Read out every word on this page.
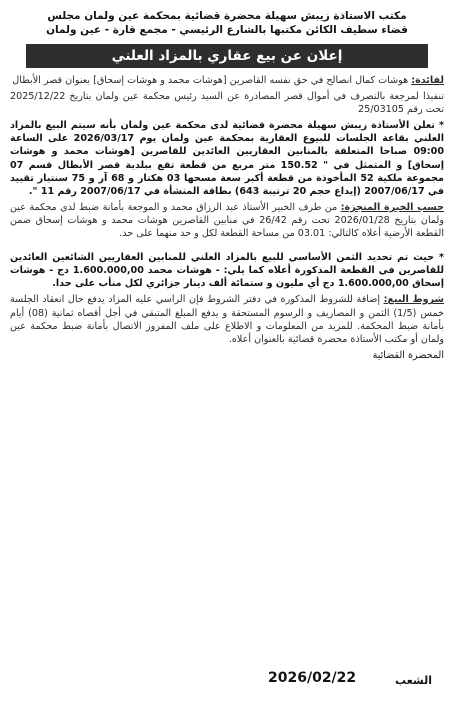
مكتب الاستاذة زيبش سهيلة محضرة قضائية بمحكمة عين ولمان مجلس
قضاء سطيف الكائن مكتبها بالشارع الرئيسي - مجمع قارة - عين ولمان
إعلان عن بيع عقاري بالمزاد العلني

لفائدة: هوشات كمال انصالح في حق نفسه القاصرين [هوشات محمد و هوشات إسحاق] بعنوان قصر الأبطال

تنفيذا لمرجعة بالتصرف في أموال قصر المصادرة عن السيد رئيس محكمة عين ولمان بتاريخ 2025/12/22 تحت رقم 25/03105

* تعلن الأستاذة زيبش سهيلة محضرة قضائية لدى محكمة عين ولمان بأنه سيتم البيع بالمزاد العلني بقاعة الجلسات للبيوع العقارية بمحكمة عين ولمان يوم 2026/03/17 على الساعة 09:00 صباحا المتعلقة بالمنابين العقاريين العائدين للقاصرين [هوشات محمد و هوشات إسحاق] و المتمثل في " 150.52 متر مربع من قطعة تقع ببلدية قصر الأبطال قسم 07 مجموعة ملكية 52 المأخوذة من قطعة أكبر سعة مسحها 03 هكتار و 68 آر و 75 سنتيار تقييد في 2007/06/17 (إيداع حجم 20 ترتيبة 643) بطاقة المنشأة في 2007/06/17 رقم 11 ".

حسب الخبرة المنجزة: من طرف الخبير الأستاذ عبد الرزاق محمد و الموجعة بأمانة ضبط لدى محكمة عين ولمان بتاريخ 2026/01/28 تحت رقم 26/42 في منابين القاصرين هوشات محمد و هوشات إسحاق ضمن القطعة الأرضية أعلاه كالتالي: 03.01 من مساحة القطعة لكل و حد منهما على حد.

* حيث تم تحديد الثمن الأساسي للبيع بالمزاد العلني للمنابين العقاريين الشائعين العائدين للقاصرين في القطعة المذكورة أعلاه كما يلي: - هوشات محمد 1.600.000,00 دج - هوشات إسحاق 1.600.000,00 دج أي مليون و ستمائة ألف دينار جزائري لكل منأب على حدا.

شروط البيع: إضافة للشروط المذكورة في دفتر الشروط فإن الراسي عليه المزاد يدفع حال انعقاد الجلسة خمس (1/5) الثمن و المصاريف و الرسوم المستحقة و يدفع المبلغ المتبقي في أجل أقصاه ثمانية (08) أيام بأمانة ضبط المحكمة. للمزيد من المعلومات و الاطلاع على ملف المفروز الاتصال بأمانة ضبط محكمة عين ولمان أو مكتب الأستاذة محضرة قضائية بالعنوان أعلاه.

المحضرة القضائية
2026/02/22	الشعب
